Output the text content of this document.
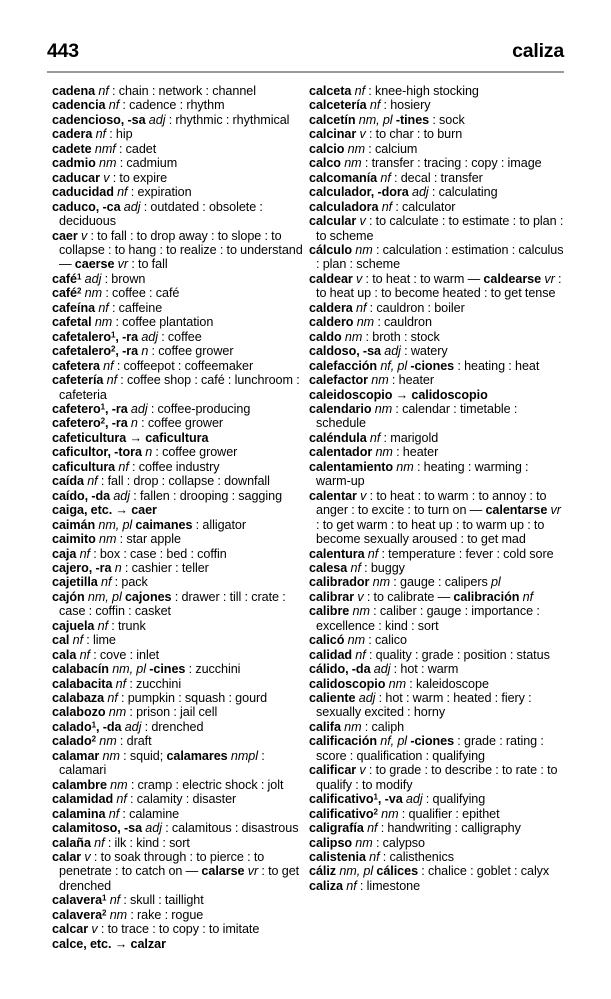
443	caliza

cadena nf : chain : network : channel

cadencia nf : cadence : rhythm

cadencioso, -sa adj : rhythmic : rhythmical

cadera nf : hip

cadete nmf : cadet

cadmio nm : cadmium

caducar v : to expire

caducidad nf : expiration

caduco, -ca adj : outdated : obsolete : deciduous

caer v : to fall : to drop away : to slope : to collapse : to hang : to realize : to understand — caerse vr : to fall

café$^1$ adj : brown

café$^2$ nm : coffee : café

cafeína nf : caffeine

cafetal nm : coffee plantation

cafetalero$^1$, -ra adj : coffee

cafetalero$^2$, -ra n : coffee grower

cafetera nf : coffeepot : coffeemaker

cafetería nf : coffee shop : café : lunchroom : cafeteria

cafetero$^1$, -ra adj : coffee-producing

cafetero$^2$, -ra n : coffee grower

cafeticultura → caficultura

caficultor, -tora n : coffee grower

caficultura nf : coffee industry

caída nf : fall : drop : collapse : downfall

caído, -da adj : fallen : drooping : sagging

caiga, etc. → caer

caimán nm, pl caimanes : alligator

caimito nm : star apple

caja nf : box : case : bed : coffin

cajero, -ra n : cashier : teller

cajetilla nf : pack

cajón nm, pl cajones : drawer : till : crate : case : coffin : casket

cajuela nf : trunk

cal nf : lime

cala nf : cove : inlet

calabacín nm, pl -cines : zucchini

calabacita nf : zucchini

calabaza nf : pumpkin : squash : gourd

calabozo nm : prison : jail cell

calado$^1$, -da adj : drenched

calado$^2$ nm : draft

calamar nm : squid; calamares nmpl : calamari

calambre nm : cramp : electric shock : jolt

calamidad nf : calamity : disaster

calamina nf : calamine

calamitoso, -sa adj : calamitous : disastrous

calaña nf : ilk : kind : sort

calar v : to soak through : to pierce : to penetrate : to catch on — calarse vr : to get drenched

calavera$^1$ nf : skull : taillight

calavera$^2$ nm : rake : rogue

calcar v : to trace : to copy : to imitate

calce, etc. → calzar

calceta nf : knee-high stocking

calcetería nf : hosiery

calcetín nm, pl -tines : sock

calcinar v : to char : to burn

calcio nm : calcium

calco nm : transfer : tracing : copy : image

calcomanía nf : decal : transfer

calculador, -dora adj : calculating

calculadora nf : calculator

calcular v : to calculate : to estimate : to plan : to scheme

cálculo nm : calculation : estimation : calculus : plan : scheme

caldear v : to heat : to warm — caldearse vr : to heat up : to become heated : to get tense

caldera nf : cauldron : boiler

caldero nm : cauldron

caldo nm : broth : stock

caldoso, -sa adj : watery

calefacción nf, pl -ciones : heating : heat

calefactor nm : heater

caleidoscopio → calidoscopio

calendario nm : calendar : timetable : schedule

caléndula nf : marigold

calentador nm : heater

calentamiento nm : heating : warming : warm-up

calentar v : to heat : to warm : to annoy : to anger : to excite : to turn on — calentarse vr : to get warm : to heat up : to warm up : to become sexually aroused : to get mad

calentura nf : temperature : fever : cold sore

calesa nf : buggy

calibrador nm : gauge : calipers pl

calibrar v : to calibrate — calibración nf

calibre nm : caliber : gauge : importance : excellence : kind : sort

calicó nm : calico

calidad nf : quality : grade : position : status

cálido, -da adj : hot : warm

calidoscopio nm : kaleidoscope

caliente adj : hot : warm : heated : fiery : sexually excited : horny

califa nm : caliph

calificación nf, pl -ciones : grade : rating : score : qualification : qualifying

calificar v : to grade : to describe : to rate : to qualify : to modify

calificativo$^1$, -va adj : qualifying

calificativo$^2$ nm : qualifier : epithet

caligrafía nf : handwriting : calligraphy

calipso nm : calypso

calistenia nf : calisthenics

cáliz nm, pl cálices : chalice : goblet : calyx

caliza nf : limestone
